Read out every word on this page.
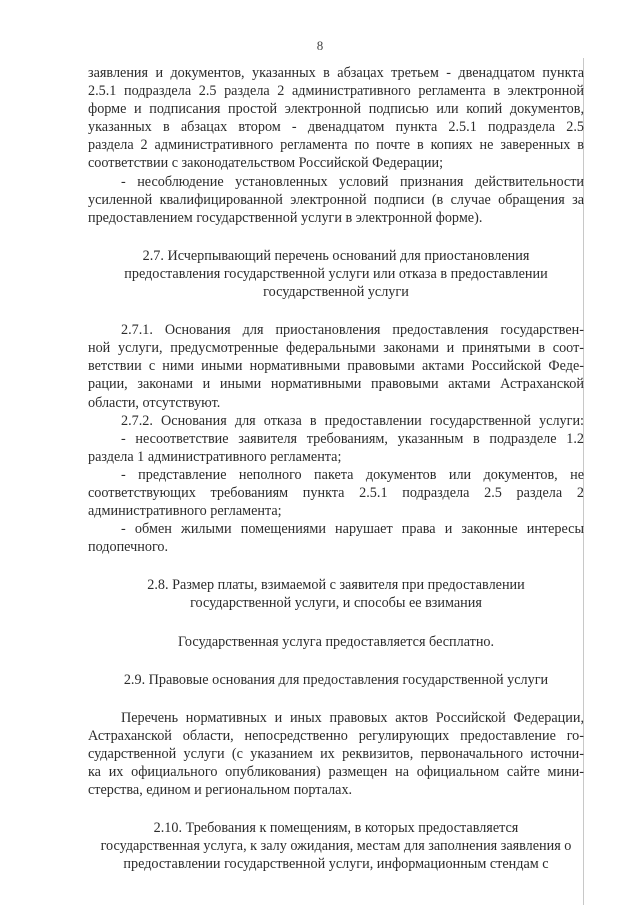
8
заявления и документов, указанных в абзацах третьем - двенадцатом пункта
2.5.1 подраздела 2.5 раздела 2 административного регламента в электронной
форме и подписания простой электронной подписью или копий документов,
указанных в абзацах втором - двенадцатом пункта 2.5.1 подраздела 2.5
раздела 2 административного регламента по почте в копиях не заверенных в
соответствии с законодательством Российской Федерации;
- несоблюдение установленных условий признания действительности
усиленной квалифицированной электронной подписи (в случае обращения за
предоставлением государственной услуги в электронной форме).
2.7. Исчерпывающий перечень оснований для приостановления
предоставления государственной услуги или отказа в предоставлении
государственной услуги
2.7.1. Основания для приостановления предоставления государствен-
ной услуги, предусмотренные федеральными законами и принятыми в соот-
ветствии с ними иными нормативными правовыми актами Российской Феде-
рации, законами и иными нормативными правовыми актами Астраханской
области, отсутствуют.
2.7.2. Основания для отказа в предоставлении государственной услуги:
- несоответствие заявителя требованиям, указанным в подразделе 1.2
раздела 1 административного регламента;
- представление неполного пакета документов или документов, не
соответствующих требованиям пункта 2.5.1 подраздела 2.5 раздела 2
административного регламента;
- обмен жилыми помещениями нарушает права и законные интересы
подопечного.
2.8. Размер платы, взимаемой с заявителя при предоставлении
государственной услуги, и способы ее взимания
Государственная услуга предоставляется бесплатно.
2.9. Правовые основания для предоставления государственной услуги
Перечень нормативных и иных правовых актов Российской Федерации,
Астраханской области, непосредственно регулирующих предоставление го-
сударственной услуги (с указанием их реквизитов, первоначального источни-
ка их официального опубликования) размещен на официальном сайте мини-
стерства, едином и региональном порталах.
2.10. Требования к помещениям, в которых предоставляется
государственная услуга, к залу ожидания, местам для заполнения заявления о
предоставлении государственной услуги, информационным стендам с
